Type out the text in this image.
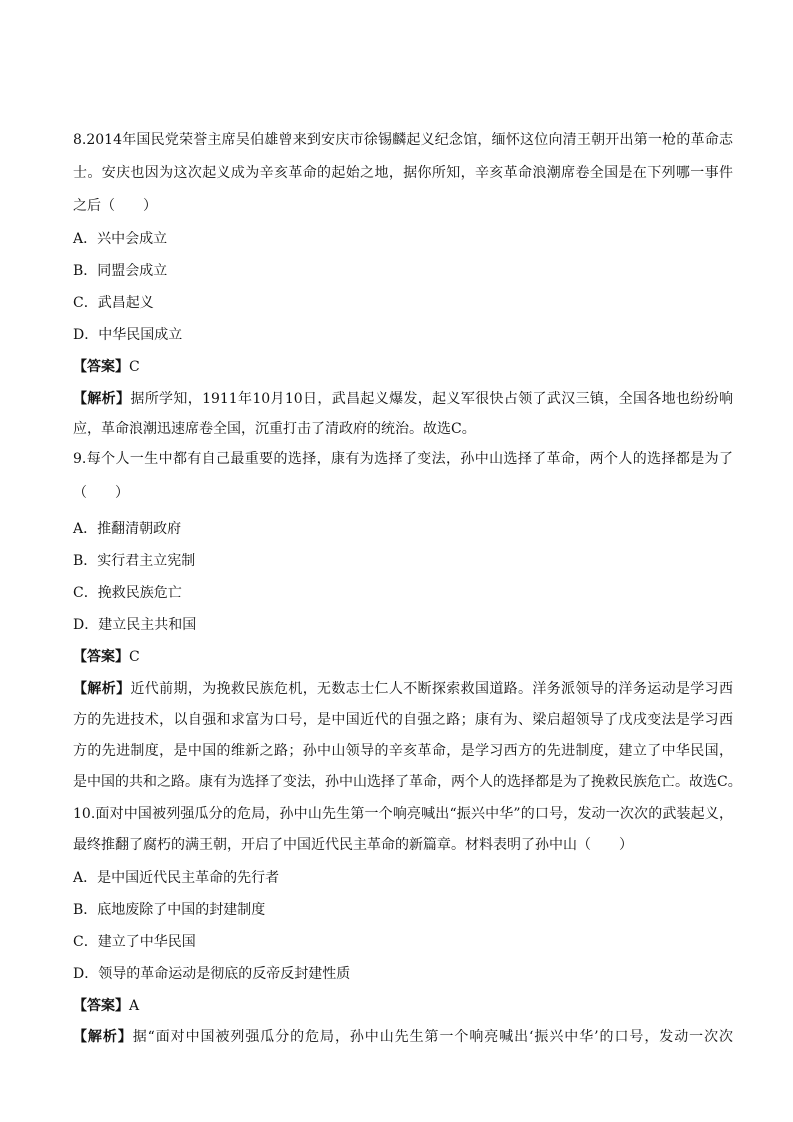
8.2014年国民党荣誉主席吴伯雄曾来到安庆市徐锡麟起义纪念馆，缅怀这位向清王朝开出第一枪的革命志
士。安庆也因为这次起义成为辛亥革命的起始之地，据你所知，辛亥革命浪潮席卷全国是在下列哪一事件
之后（　　）
A．兴中会成立
B．同盟会成立
C．武昌起义
D．中华民国成立
【答案】C
【解析】据所学知，1911年10月10日，武昌起义爆发，起义军很快占领了武汉三镇，全国各地也纷纷响
应，革命浪潮迅速席卷全国，沉重打击了清政府的统治。故选C。
9.每个人一生中都有自己最重要的选择，康有为选择了变法，孙中山选择了革命，两个人的选择都是为了
（　　）
A．推翻清朝政府
B．实行君主立宪制
C．挽救民族危亡
D．建立民主共和国
【答案】C
【解析】近代前期，为挽救民族危机，无数志士仁人不断探索救国道路。洋务派领导的洋务运动是学习西
方的先进技术，以自强和求富为口号，是中国近代的自强之路；康有为、梁启超领导了戊戌变法是学习西
方的先进制度，是中国的维新之路；孙中山领导的辛亥革命，是学习西方的先进制度，建立了中华民国，
是中国的共和之路。康有为选择了变法，孙中山选择了革命，两个人的选择都是为了挽救民族危亡。故选C。
10.面对中国被列强瓜分的危局，孙中山先生第一个响亮喊出“振兴中华”的口号，发动一次次的武装起义，
最终推翻了腐朽的满王朝，开启了中国近代民主革命的新篇章。材料表明了孙中山（　　）
A．是中国近代民主革命的先行者
B．底地废除了中国的封建制度
C．建立了中华民国
D．领导的革命运动是彻底的反帝反封建性质
【答案】A
【解析】据“面对中国被列强瓜分的危局，孙中山先生第一个响亮喊出‘振兴中华’的口号，发动一次次
